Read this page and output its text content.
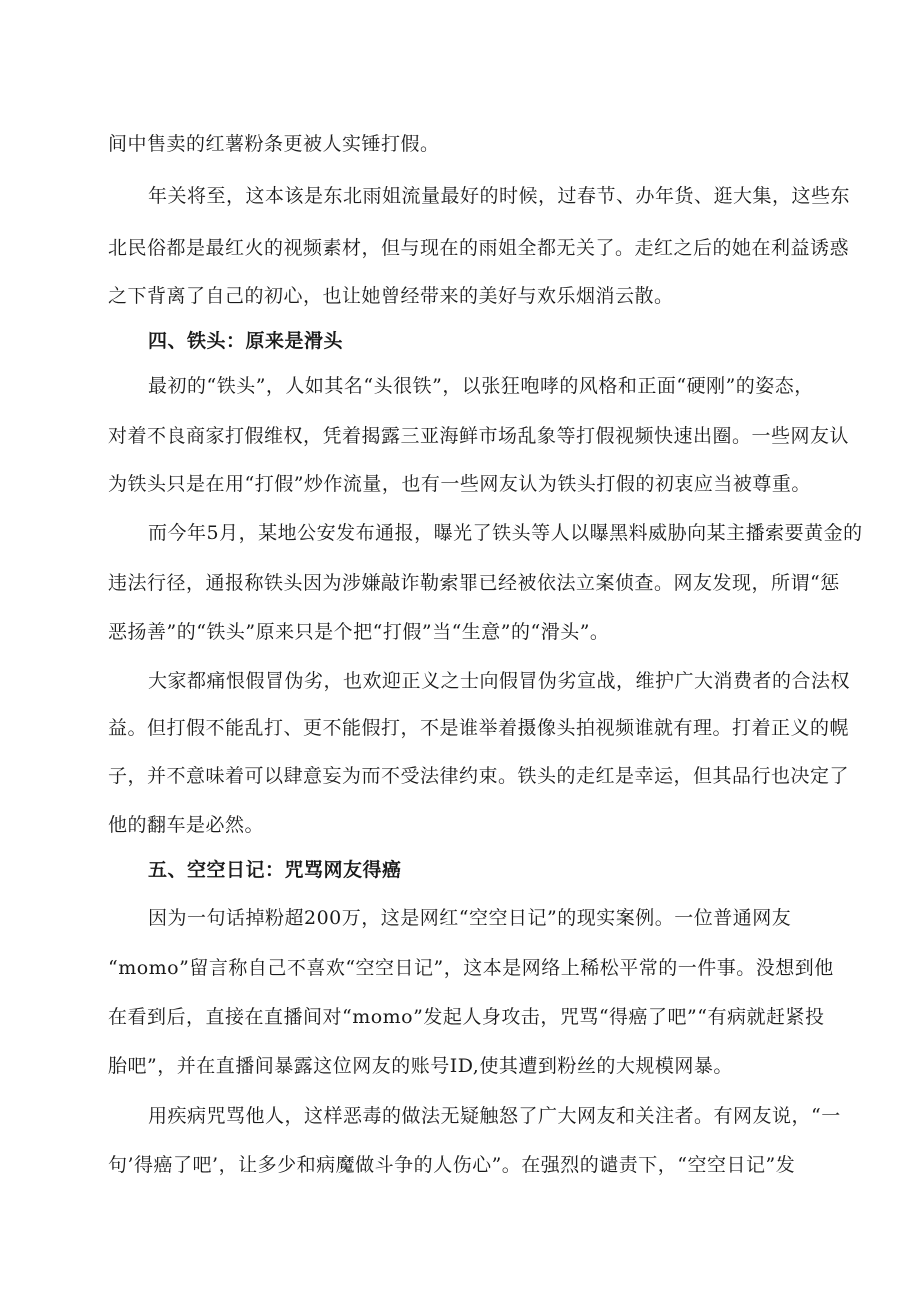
间中售卖的红薯粉条更被人实锤打假。
年关将至，这本该是东北雨姐流量最好的时候，过春节、办年货、逛大集，这些东
北民俗都是最红火的视频素材，但与现在的雨姐全都无关了。走红之后的她在利益诱惑
之下背离了自己的初心，也让她曾经带来的美好与欢乐烟消云散。
四、铁头：原来是滑头
最初的“铁头”，人如其名“头很铁”，以张狂咆哮的风格和正面“硬刚”的姿态，
对着不良商家打假维权，凭着揭露三亚海鲜市场乱象等打假视频快速出圈。一些网友认
为铁头只是在用“打假”炒作流量，也有一些网友认为铁头打假的初衷应当被尊重。
而今年5月，某地公安发布通报，曝光了铁头等人以曝黑料威胁向某主播索要黄金的
违法行径，通报称铁头因为涉嫌敲诈勒索罪已经被依法立案侦查。网友发现，所谓“惩
恶扬善”的“铁头”原来只是个把“打假”当“生意”的“滑头”。
大家都痛恨假冒伪劣，也欢迎正义之士向假冒伪劣宣战，维护广大消费者的合法权
益。但打假不能乱打、更不能假打，不是谁举着摄像头拍视频谁就有理。打着正义的幌
子，并不意味着可以肆意妄为而不受法律约束。铁头的走红是幸运，但其品行也决定了
他的翻车是必然。
五、空空日记：咒骂网友得癌
因为一句话掉粉超200万，这是网红“空空日记”的现实案例。一位普通网友
“momo”留言称自己不喜欢“空空日记”，这本是网络上稀松平常的一件事。没想到他
在看到后，直接在直播间对“momo”发起人身攻击，咒骂“得癌了吧”“有病就赶紧投
胎吧”，并在直播间暴露这位网友的账号ID,使其遭到粉丝的大规模网暴。
用疾病咒骂他人，这样恶毒的做法无疑触怒了广大网友和关注者。有网友说，“一
句’得癌了吧’，让多少和病魔做斗争的人伤心”。在强烈的谴责下，“空空日记”发
